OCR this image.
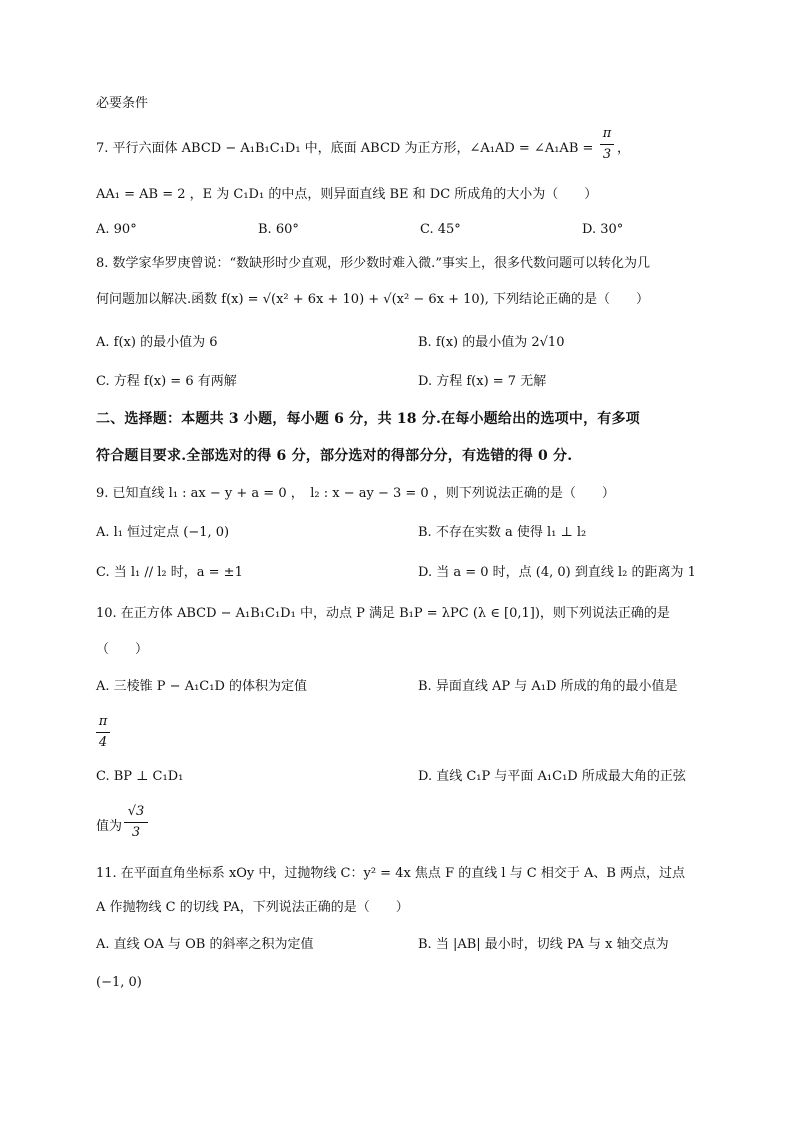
必要条件
7. 平行六面体 ABCD − A₁B₁C₁D₁ 中，底面 ABCD 为正方形，∠A₁AD = ∠A₁AB =
π
3 ，
AA₁ = AB = 2 ，E 为 C₁D₁ 的中点，则异面直线 BE 和 DC 所成角的大小为（　　）
A. 90°	B. 60°	C. 45°	D. 30°
8. 数学家华罗庚曾说：“数缺形时少直观，形少数时难入微.”事实上，很多代数问题可以转化为几
何问题加以解决.函数 f(x) = √(x² + 6x + 10) + √(x² − 6x + 10), 下列结论正确的是（　　）
A. f(x) 的最小值为 6	B. f(x) 的最小值为 2√10
C. 方程 f(x) = 6 有两解	D. 方程 f(x) = 7 无解
二、选择题：本题共 3 小题，每小题 6 分，共 18 分.在每小题给出的选项中，有多项
符合题目要求.全部选对的得 6 分，部分选对的得部分分，有选错的得 0 分.
9. 已知直线 l₁ : ax − y + a = 0 ，　l₂ : x − ay − 3 = 0 ，则下列说法正确的是（　　）
A. l₁ 恒过定点 (−1, 0)	B. 不存在实数 a 使得 l₁ ⊥ l₂
C. 当 l₁ // l₂ 时，a = ±1	D. 当 a = 0 时，点 (4, 0) 到直线 l₂ 的距离为 1
10. 在正方体 ABCD − A₁B₁C₁D₁ 中，动点 P 满足 B₁P = λPC (λ ∈ [0,1])，则下列说法正确的是
（　　）
A. 三棱锥 P − A₁C₁D 的体积为定值	B. 异面直线 AP 与 A₁D 所成的角的最小值是
π
4
C. BP ⊥ C₁D₁	D. 直线 C₁P 与平面 A₁C₁D 所成最大角的正弦
值为
√3
3
11. 在平面直角坐标系 xOy 中，过抛物线 C：y² = 4x 焦点 F 的直线 l 与 C 相交于 A、B 两点，过点
A 作抛物线 C 的切线 PA，下列说法正确的是（　　）
A. 直线 OA 与 OB 的斜率之积为定值	B. 当 |AB| 最小时，切线 PA 与 x 轴交点为
(−1, 0)
